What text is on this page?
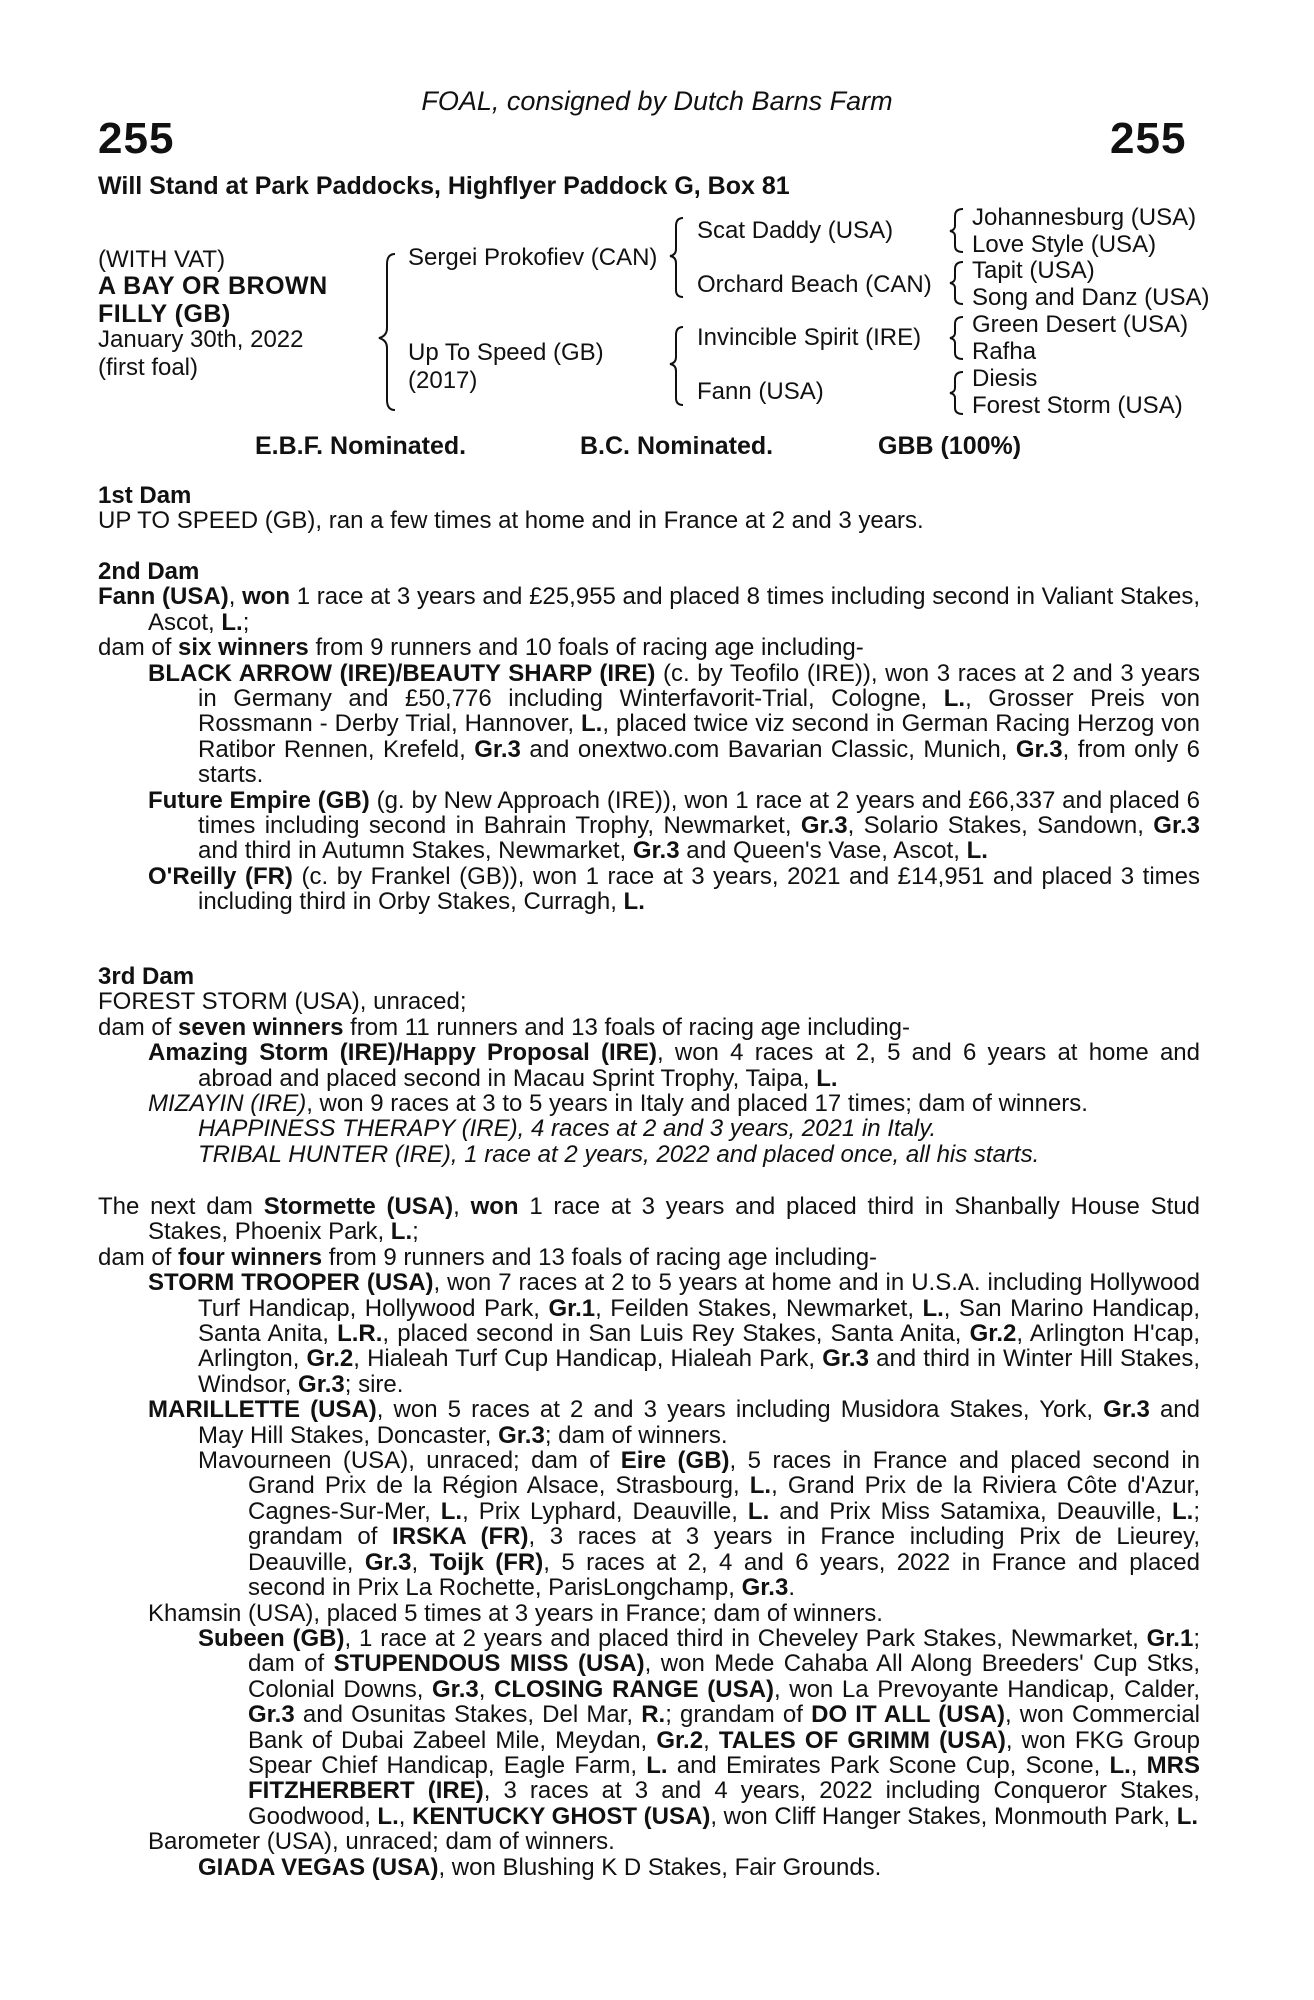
FOAL, consigned by Dutch Barns Farm
255	255
Will Stand at Park Paddocks, Highflyer Paddock G, Box 81
(WITH VAT)
A BAY OR BROWN
FILLY (GB)
January 30th, 2022
(first foal)
Sergei Prokofiev (CAN)
Up To Speed (GB)
(2017)
Scat Daddy (USA)
Orchard Beach (CAN)
Invincible Spirit (IRE)
Fann (USA)
Johannesburg (USA)
Love Style (USA)
Tapit (USA)
Song and Danz (USA)
Green Desert (USA)
Rafha
Diesis
Forest Storm (USA)
E.B.F. Nominated.	B.C. Nominated.	GBB (100%)

1st Dam

UP TO SPEED (GB), ran a few times at home and in France at 2 and 3 years.

2nd Dam

Fann (USA), won 1 race at 3 years and £25,955 and placed 8 times including second in Valiant Stakes, Ascot, L.;

dam of six winners from 9 runners and 10 foals of racing age including-

BLACK ARROW (IRE)/BEAUTY SHARP (IRE) (c. by Teofilo (IRE)), won 3 races at 2 and 3 years in Germany and £50,776 including Winterfavorit-Trial, Cologne, L., Grosser Preis von Rossmann - Derby Trial, Hannover, L., placed twice viz second in German Racing Herzog von Ratibor Rennen, Krefeld, Gr.3 and onextwo.com Bavarian Classic, Munich, Gr.3, from only 6 starts.

Future Empire (GB) (g. by New Approach (IRE)), won 1 race at 2 years and £66,337 and placed 6 times including second in Bahrain Trophy, Newmarket, Gr.3, Solario Stakes, Sandown, Gr.3 and third in Autumn Stakes, Newmarket, Gr.3 and Queen's Vase, Ascot, L.

O'Reilly (FR) (c. by Frankel (GB)), won 1 race at 3 years, 2021 and £14,951 and placed 3 times including third in Orby Stakes, Curragh, L.

3rd Dam

FOREST STORM (USA), unraced;

dam of seven winners from 11 runners and 13 foals of racing age including-

Amazing Storm (IRE)/Happy Proposal (IRE), won 4 races at 2, 5 and 6 years at home and abroad and placed second in Macau Sprint Trophy, Taipa, L.

MIZAYIN (IRE), won 9 races at 3 to 5 years in Italy and placed 17 times; dam of winners.

HAPPINESS THERAPY (IRE), 4 races at 2 and 3 years, 2021 in Italy.

TRIBAL HUNTER (IRE), 1 race at 2 years, 2022 and placed once, all his starts.

The next dam Stormette (USA), won 1 race at 3 years and placed third in Shanbally House Stud Stakes, Phoenix Park, L.;

dam of four winners from 9 runners and 13 foals of racing age including-

STORM TROOPER (USA), won 7 races at 2 to 5 years at home and in U.S.A. including Hollywood Turf Handicap, Hollywood Park, Gr.1, Feilden Stakes, Newmarket, L., San Marino Handicap, Santa Anita, L.R., placed second in San Luis Rey Stakes, Santa Anita, Gr.2, Arlington H'cap, Arlington, Gr.2, Hialeah Turf Cup Handicap, Hialeah Park, Gr.3 and third in Winter Hill Stakes, Windsor, Gr.3; sire.

MARILLETTE (USA), won 5 races at 2 and 3 years including Musidora Stakes, York, Gr.3 and May Hill Stakes, Doncaster, Gr.3; dam of winners.

Mavourneen (USA), unraced; dam of Eire (GB), 5 races in France and placed second in Grand Prix de la Région Alsace, Strasbourg, L., Grand Prix de la Riviera Côte d'Azur, Cagnes-Sur-Mer, L., Prix Lyphard, Deauville, L. and Prix Miss Satamixa, Deauville, L.; grandam of IRSKA (FR), 3 races at 3 years in France including Prix de Lieurey, Deauville, Gr.3, Toijk (FR), 5 races at 2, 4 and 6 years, 2022 in France and placed second in Prix La Rochette, ParisLongchamp, Gr.3.

Khamsin (USA), placed 5 times at 3 years in France; dam of winners.

Subeen (GB), 1 race at 2 years and placed third in Cheveley Park Stakes, Newmarket, Gr.1; dam of STUPENDOUS MISS (USA), won Mede Cahaba All Along Breeders' Cup Stks, Colonial Downs, Gr.3, CLOSING RANGE (USA), won La Prevoyante Handicap, Calder, Gr.3 and Osunitas Stakes, Del Mar, R.; grandam of DO IT ALL (USA), won Commercial Bank of Dubai Zabeel Mile, Meydan, Gr.2, TALES OF GRIMM (USA), won FKG Group Spear Chief Handicap, Eagle Farm, L. and Emirates Park Scone Cup, Scone, L., MRS FITZHERBERT (IRE), 3 races at 3 and 4 years, 2022 including Conqueror Stakes, Goodwood, L., KENTUCKY GHOST (USA), won Cliff Hanger Stakes, Monmouth Park, L.

Barometer (USA), unraced; dam of winners.

GIADA VEGAS (USA), won Blushing K D Stakes, Fair Grounds.
